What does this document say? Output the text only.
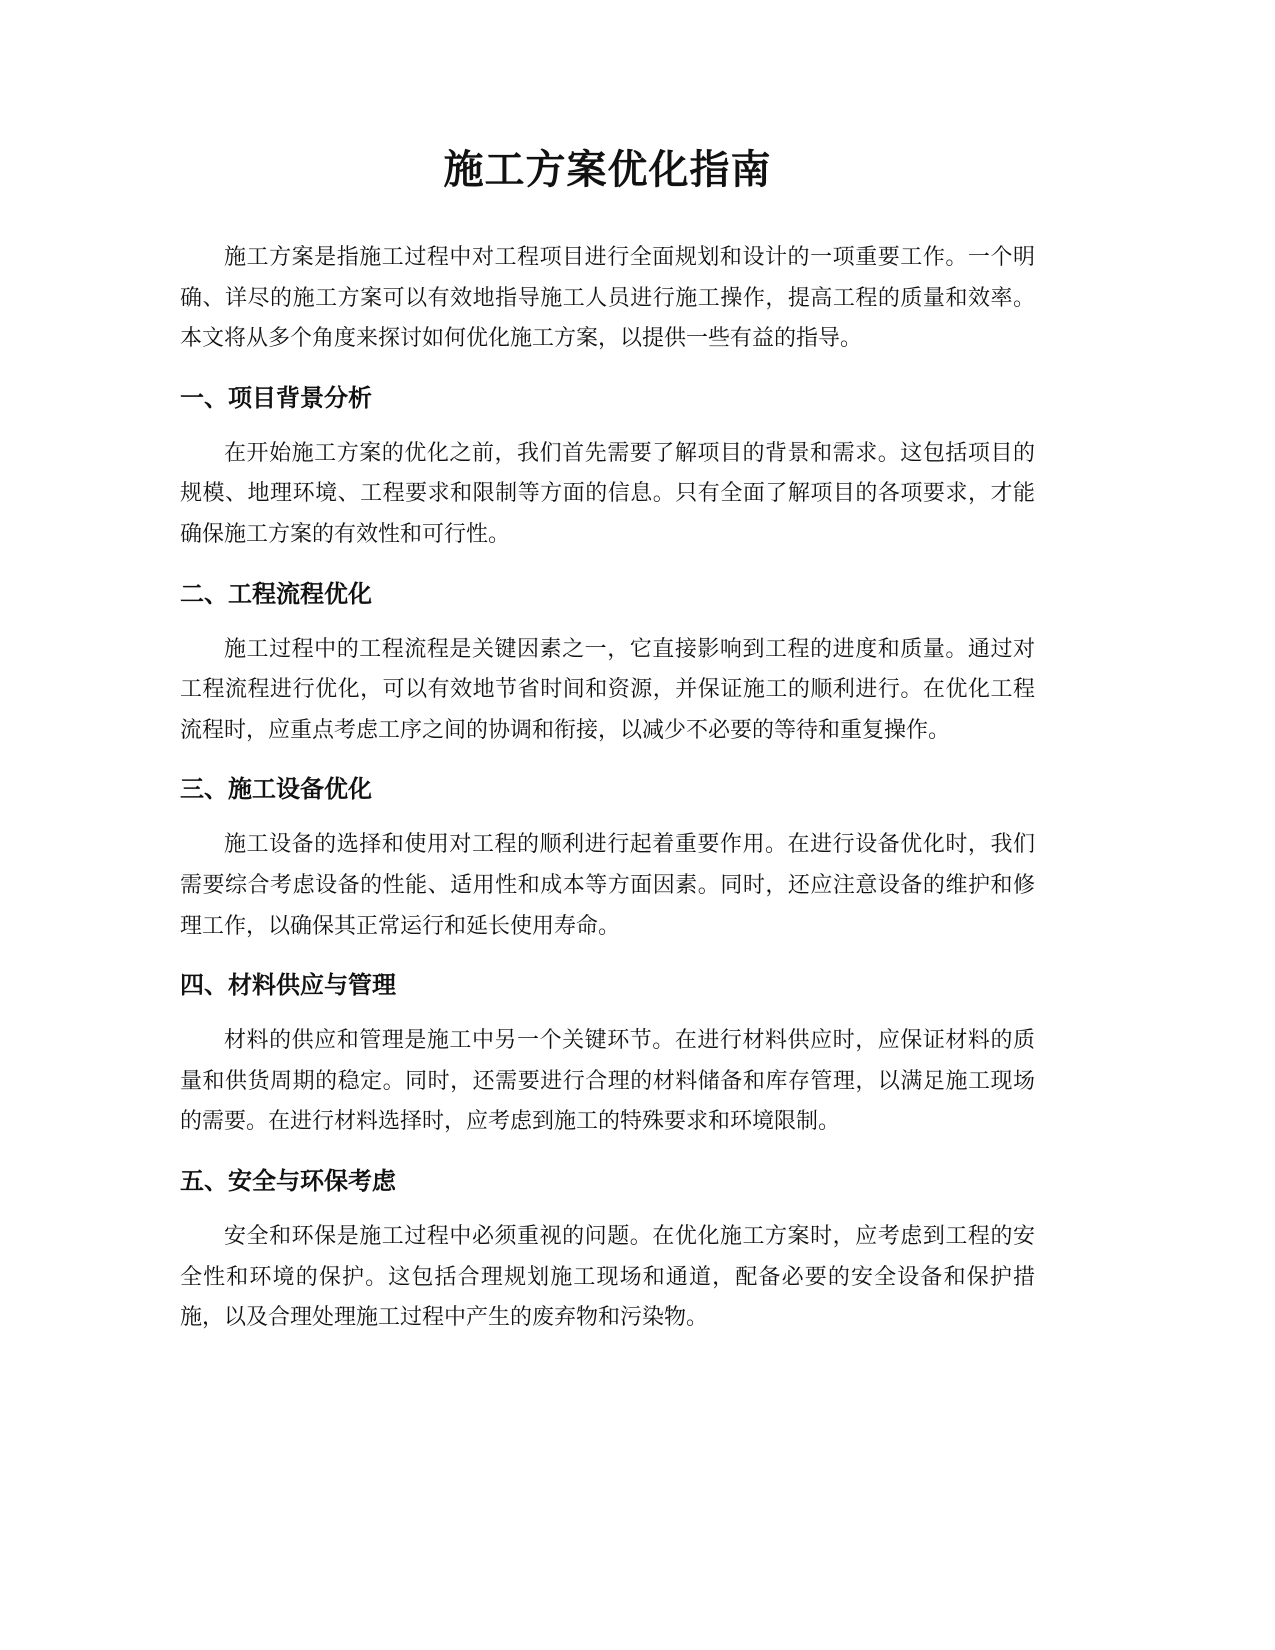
施工方案优化指南

施工方案是指施工过程中对工程项目进行全面规划和设计的一项重要工作。一个明确、详尽的施工方案可以有效地指导施工人员进行施工操作，提高工程的质量和效率。本文将从多个角度来探讨如何优化施工方案，以提供一些有益的指导。

一、项目背景分析

在开始施工方案的优化之前，我们首先需要了解项目的背景和需求。这包括项目的规模、地理环境、工程要求和限制等方面的信息。只有全面了解项目的各项要求，才能确保施工方案的有效性和可行性。

二、工程流程优化

施工过程中的工程流程是关键因素之一，它直接影响到工程的进度和质量。通过对工程流程进行优化，可以有效地节省时间和资源，并保证施工的顺利进行。在优化工程流程时，应重点考虑工序之间的协调和衔接，以减少不必要的等待和重复操作。

三、施工设备优化

施工设备的选择和使用对工程的顺利进行起着重要作用。在进行设备优化时，我们需要综合考虑设备的性能、适用性和成本等方面因素。同时，还应注意设备的维护和修理工作，以确保其正常运行和延长使用寿命。

四、材料供应与管理

材料的供应和管理是施工中另一个关键环节。在进行材料供应时，应保证材料的质量和供货周期的稳定。同时，还需要进行合理的材料储备和库存管理，以满足施工现场的需要。在进行材料选择时，应考虑到施工的特殊要求和环境限制。

五、安全与环保考虑

安全和环保是施工过程中必须重视的问题。在优化施工方案时，应考虑到工程的安全性和环境的保护。这包括合理规划施工现场和通道，配备必要的安全设备和保护措施，以及合理处理施工过程中产生的废弃物和污染物。
